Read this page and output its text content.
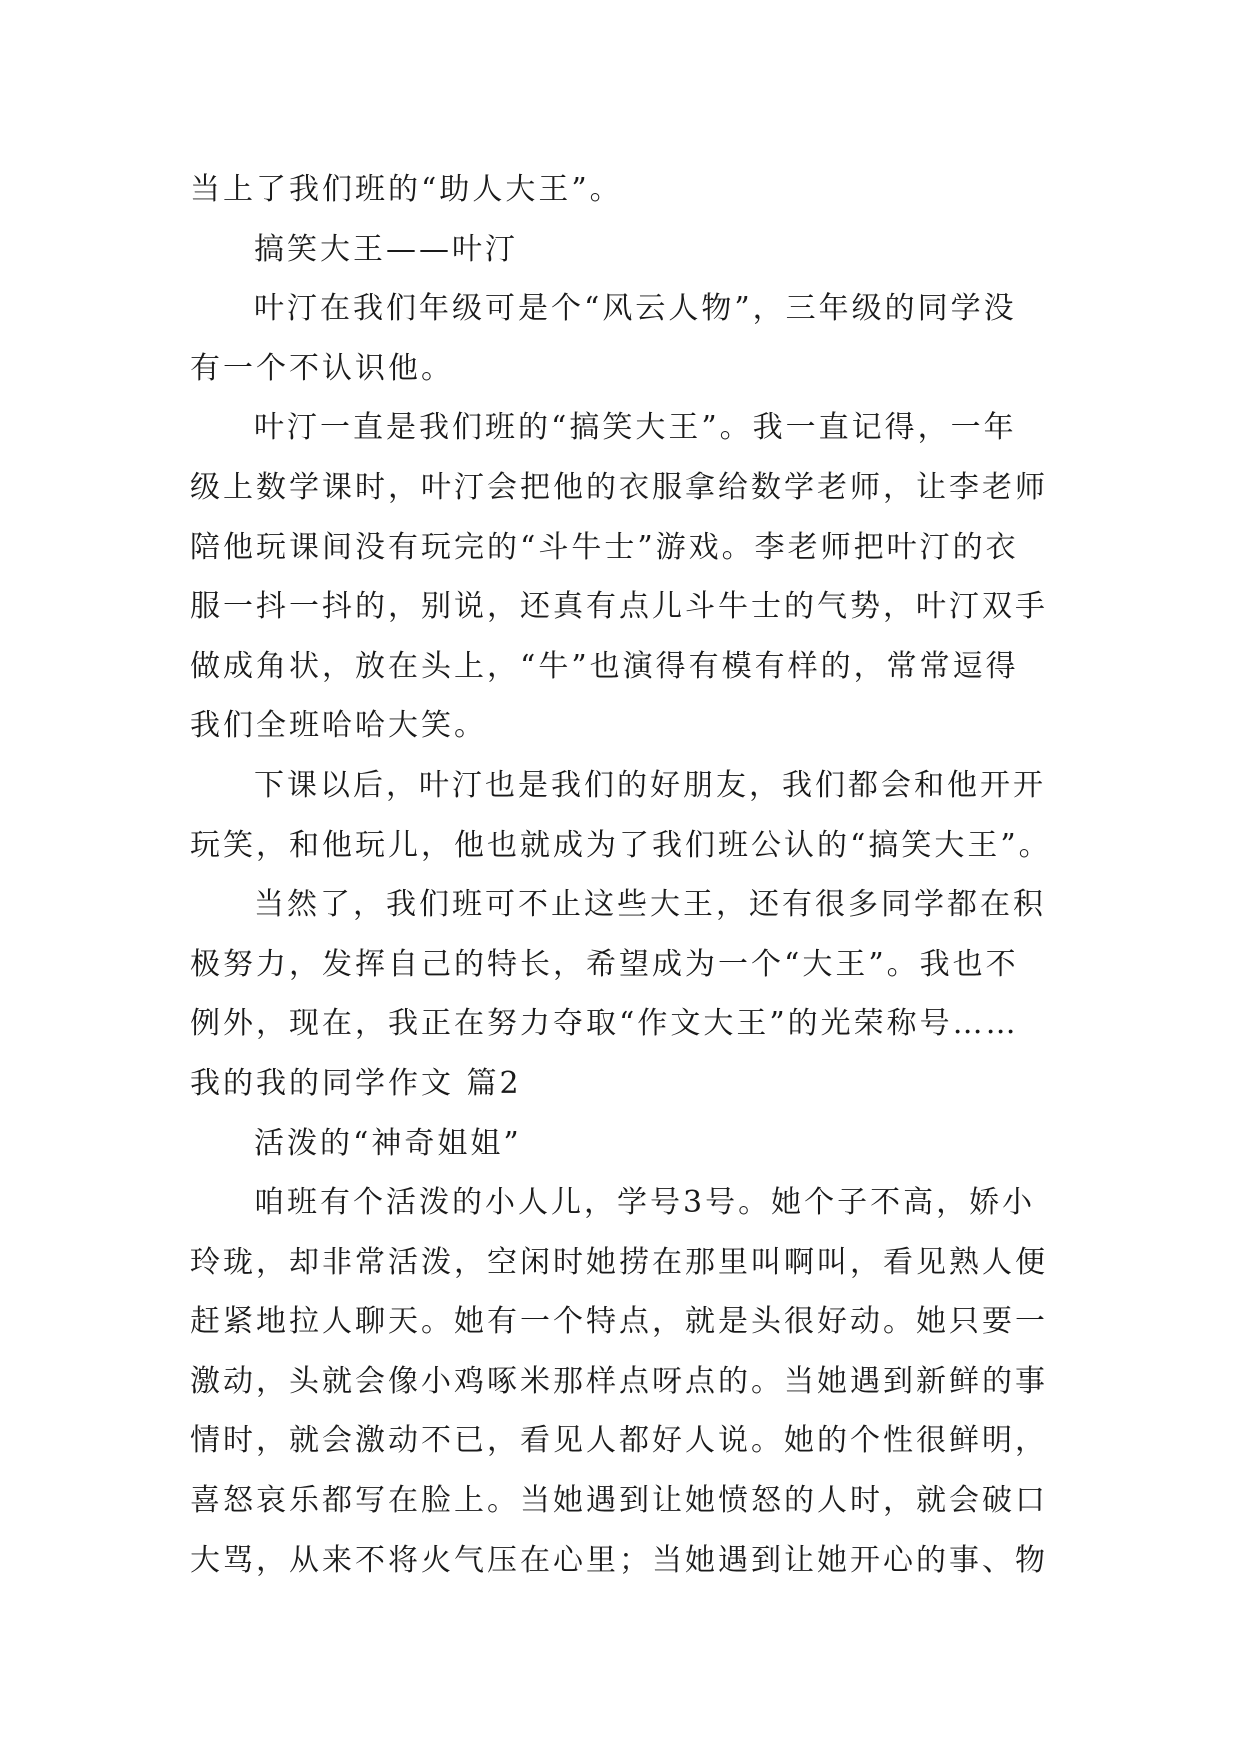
当上了我们班的“助人大王”。
搞笑大王——叶汀
叶汀在我们年级可是个“风云人物”，三年级的同学没
有一个不认识他。
叶汀一直是我们班的“搞笑大王”。我一直记得，一年
级上数学课时，叶汀会把他的衣服拿给数学老师，让李老师
陪他玩课间没有玩完的“斗牛士”游戏。李老师把叶汀的衣
服一抖一抖的，别说，还真有点儿斗牛士的气势，叶汀双手
做成角状，放在头上，“牛”也演得有模有样的，常常逗得
我们全班哈哈大笑。
下课以后，叶汀也是我们的好朋友，我们都会和他开开
玩笑，和他玩儿，他也就成为了我们班公认的“搞笑大王”。
当然了，我们班可不止这些大王，还有很多同学都在积
极努力，发挥自己的特长，希望成为一个“大王”。我也不
例外，现在，我正在努力夺取“作文大王”的光荣称号……
我的我的同学作文 篇2
活泼的“神奇姐姐”
咱班有个活泼的小人儿，学号3号。她个子不高，娇小
玲珑，却非常活泼，空闲时她捞在那里叫啊叫，看见熟人便
赶紧地拉人聊天。她有一个特点，就是头很好动。她只要一
激动，头就会像小鸡啄米那样点呀点的。当她遇到新鲜的事
情时，就会激动不已，看见人都好人说。她的个性很鲜明，
喜怒哀乐都写在脸上。当她遇到让她愤怒的人时，就会破口
大骂，从来不将火气压在心里；当她遇到让她开心的事、物
